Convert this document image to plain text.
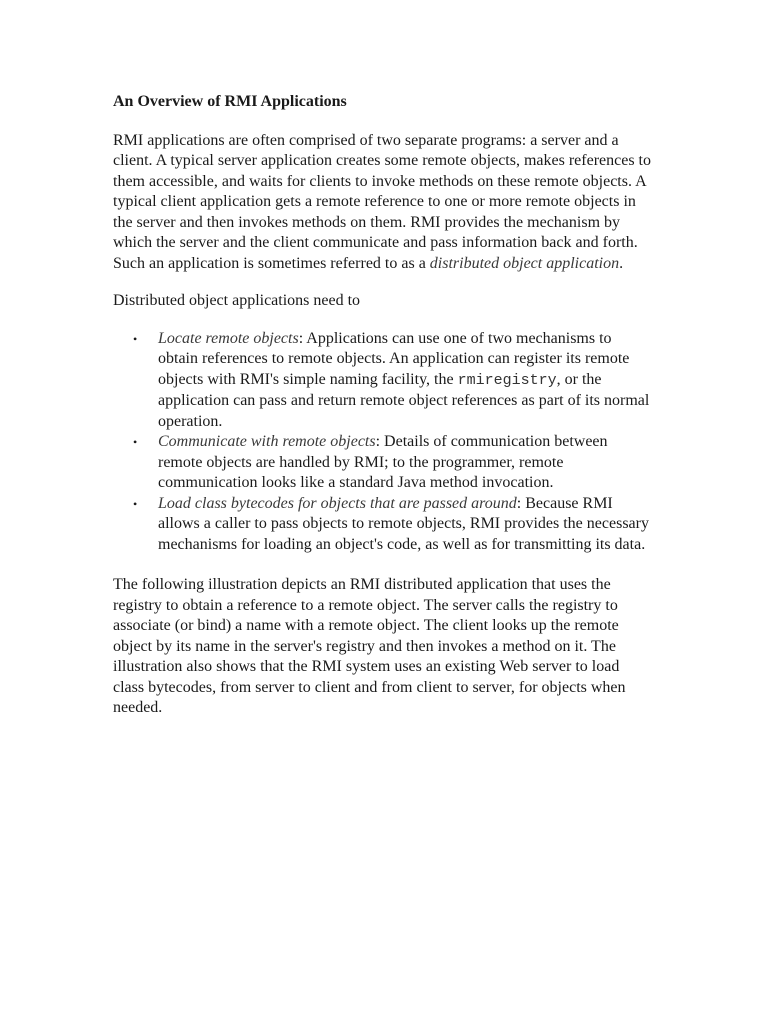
An Overview of RMI Applications

RMI applications are often comprised of two separate programs: a server and a client. A typical server application creates some remote objects, makes references to them accessible, and waits for clients to invoke methods on these remote objects. A typical client application gets a remote reference to one or more remote objects in the server and then invokes methods on them. RMI provides the mechanism by which the server and the client communicate and pass information back and forth. Such an application is sometimes referred to as a distributed object application.

Distributed object applications need to

• Locate remote objects: Applications can use one of two mechanisms to obtain references to remote objects. An application can register its remote objects with RMI's simple naming facility, the rmiregistry, or the application can pass and return remote object references as part of its normal operation.
• Communicate with remote objects: Details of communication between remote objects are handled by RMI; to the programmer, remote communication looks like a standard Java method invocation.
• Load class bytecodes for objects that are passed around: Because RMI allows a caller to pass objects to remote objects, RMI provides the necessary mechanisms for loading an object's code, as well as for transmitting its data.

The following illustration depicts an RMI distributed application that uses the registry to obtain a reference to a remote object. The server calls the registry to associate (or bind) a name with a remote object. The client looks up the remote object by its name in the server's registry and then invokes a method on it. The illustration also shows that the RMI system uses an existing Web server to load class bytecodes, from server to client and from client to server, for objects when needed.
